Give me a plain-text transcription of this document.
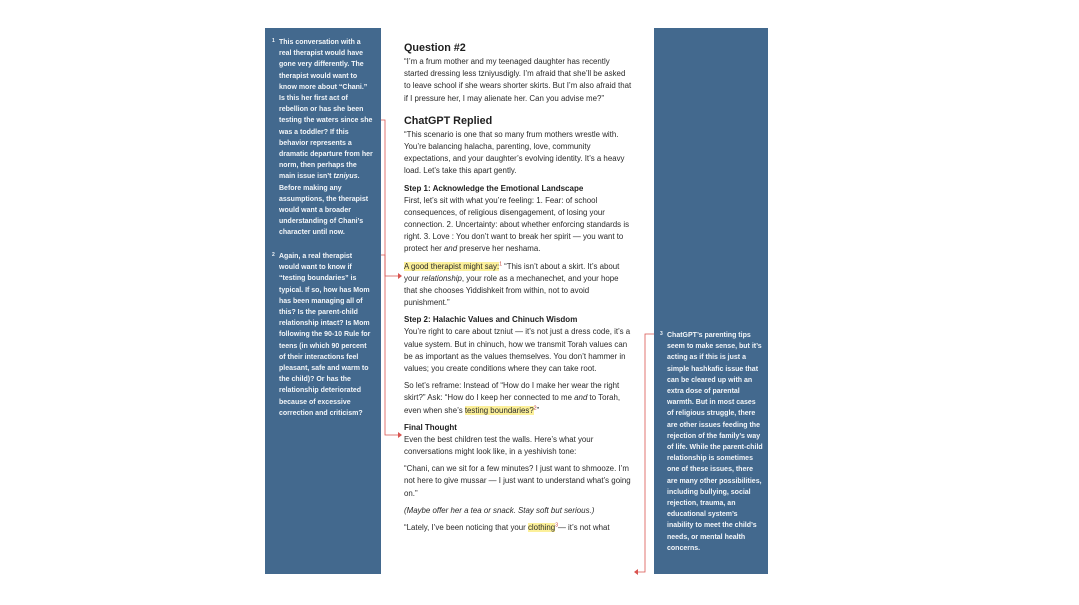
1 This conversation with a real therapist would have gone very differently. The therapist would want to know more about “Chani.” Is this her first act of rebellion or has she been testing the waters since she was a toddler? If this behavior represents a dramatic departure from her norm, then perhaps the main issue isn’t tzniyus. Before making any assumptions, the therapist would want a broader understanding of Chani’s character until now.
2 Again, a real therapist would want to know if “testing boundaries” is typical. If so, how has Mom has been managing all of this? Is the parent-child relationship intact? Is Mom following the 90-10 Rule for teens (in which 90 percent of their interactions feel pleasant, safe and warm to the child)? Or has the relationship deteriorated because of excessive correction and criticism?
3 ChatGPT’s parenting tips seem to make sense, but it’s acting as if this is just a simple hashkafic issue that can be cleared up with an extra dose of parental warmth. But in most cases of religious struggle, there are other issues feeding the rejection of the family’s way of life. While the parent-child relationship is sometimes one of these issues, there are many other possibilities, including bullying, social rejection, trauma, an educational system’s inability to meet the child’s needs, or mental health concerns.
Question #2

“I’m a frum mother and my teenaged daughter has recently started dressing less tzniyusdigly. I’m afraid that she’ll be asked to leave school if she wears shorter skirts. But I’m also afraid that if I pressure her, I may alienate her. Can you advise me?”

ChatGPT Replied

“This scenario is one that so many frum mothers wrestle with. You’re balancing halacha, parenting, love, community expectations, and your daughter’s evolving identity. It’s a heavy load. Let’s take this apart gently.

Step 1: Acknowledge the Emotional Landscape

First, let’s sit with what you’re feeling: 1. Fear: of school consequences, of religious disengagement, of losing your connection. 2. Uncertainty: about whether enforcing standards is right. 3. Love : You don’t want to break her spirit — you want to protect her and preserve her neshama.

A good therapist might say:$^1$ “This isn’t about a skirt. It’s about your relationship, your role as a mechanechet, and your hope that she chooses Yiddishkeit from within, not to avoid punishment.”

Step 2: Halachic Values and Chinuch Wisdom

You’re right to care about tzniut — it’s not just a dress code, it’s a value system. But in chinuch, how we transmit Torah values can be as important as the values themselves. You don’t hammer in values; you create conditions where they can take root.

So let’s reframe: Instead of “How do I make her wear the right skirt?” Ask: “How do I keep her connected to me and to Torah, even when she’s testing boundaries?$^2$”

Final Thought

Even the best children test the walls. Here’s what your conversations might look like, in a yeshivish tone:

“Chani, can we sit for a few minutes? I just want to shmooze. I’m not here to give mussar — I just want to understand what’s going on.”

(Maybe offer her a tea or snack. Stay soft but serious.)

“Lately, I’ve been noticing that your clothing$^3$— it’s not what
